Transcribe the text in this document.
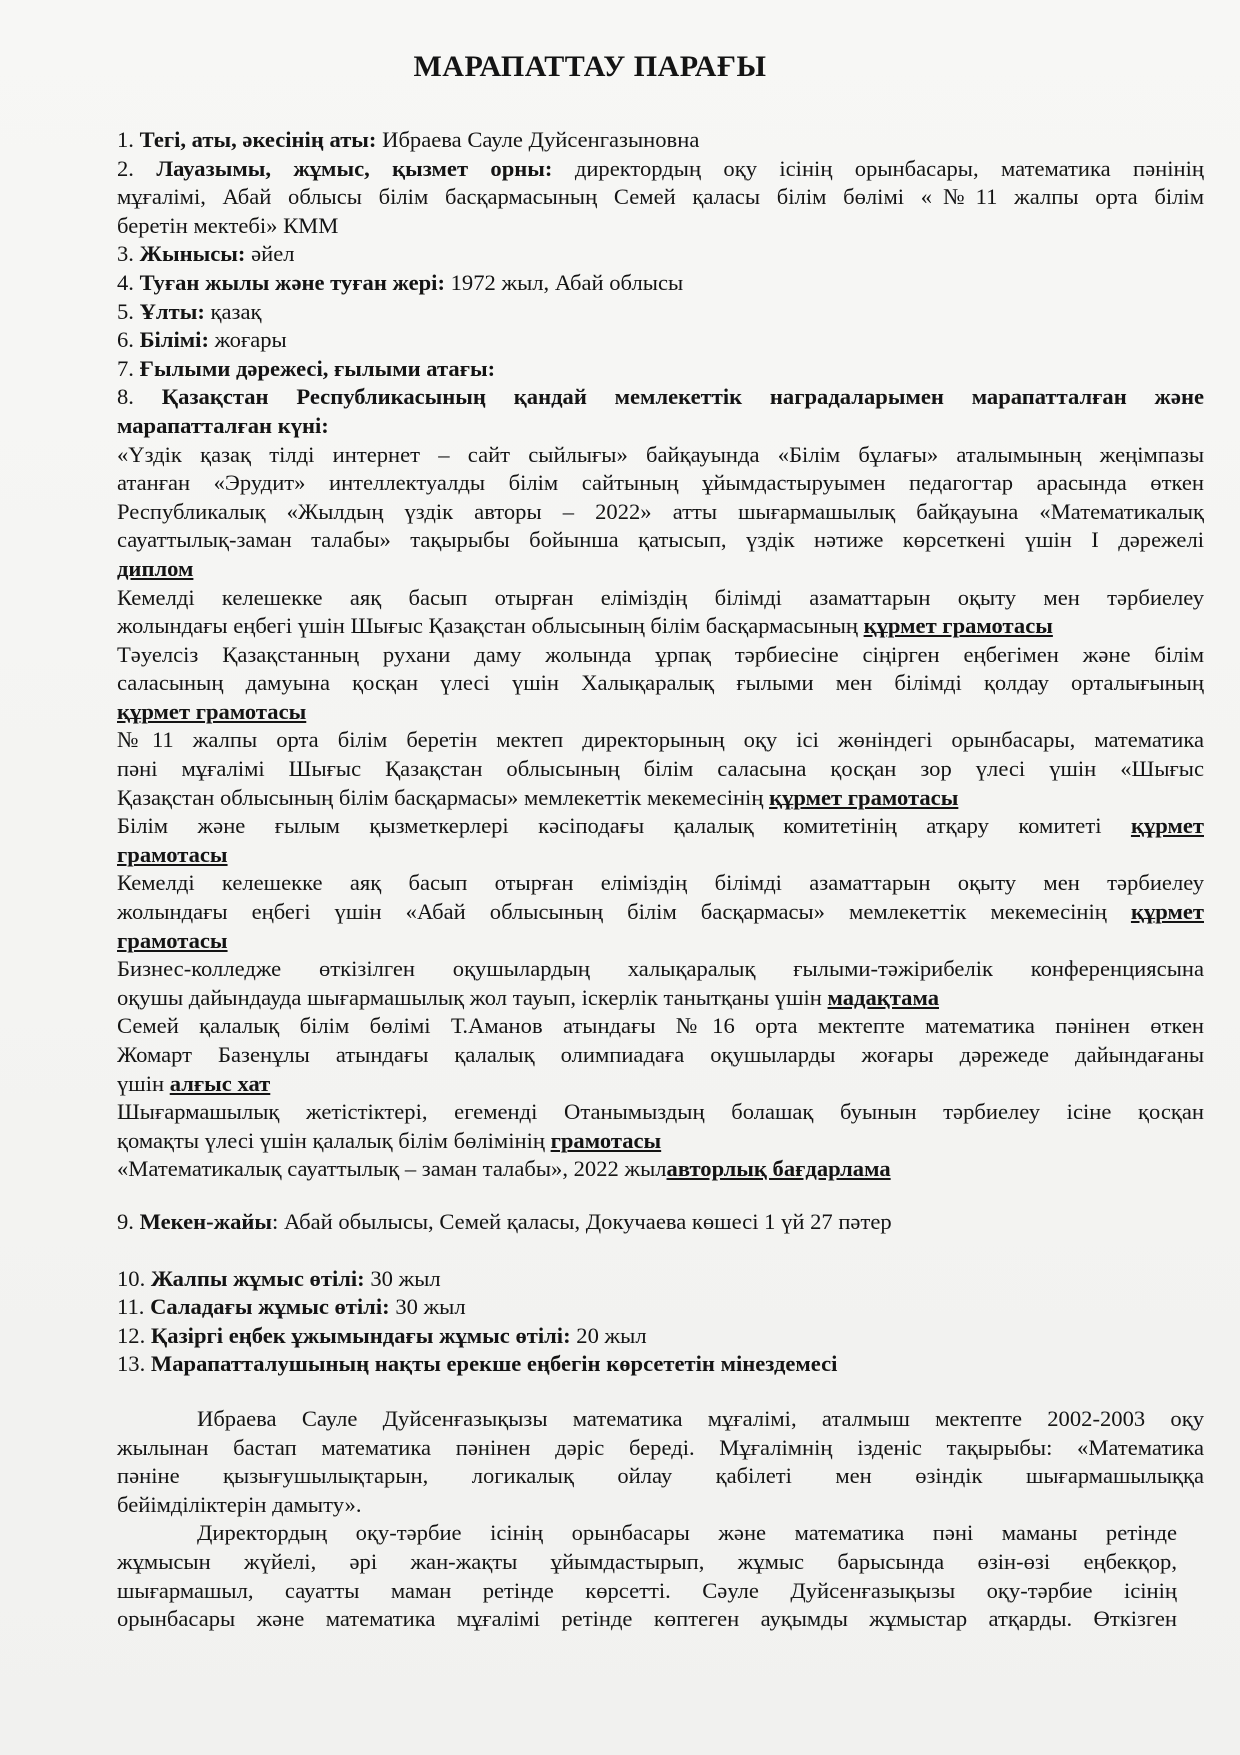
МАРАПАТТАУ ПАРАҒЫ

1. Тегі, аты, әкесінің аты: Ибраева Сауле Дуйсенгазыновна

2. Лауазымы, жұмыс, қызмет орны: директордың оқу ісінің орынбасары, математика пәнінің

мұғалімі, Абай облысы білім басқармасының Семей қаласы білім бөлімі «№11 жалпы орта білім

беретін мектебі» КММ

3. Жынысы: әйел

4. Туған жылы және туған жері: 1972 жыл, Абай облысы

5. Ұлты: қазақ

6. Білімі: жоғары

7. Ғылыми дәрежесі, ғылыми атағы:

8. Қазақстан Республикасының қандай мемлекеттік наградаларымен марапатталған және

марапатталған күні:

«Үздік қазақ тілді интернет – сайт сыйлығы» байқауында «Білім бұлағы» аталымының жеңімпазы

атанған «Эрудит» интеллектуалды білім сайтының ұйымдастыруымен педагогтар арасында өткен

Республикалық «Жылдың үздік авторы – 2022» атты шығармашылық байқауына «Математикалық

сауаттылық-заман талабы» тақырыбы бойынша қатысып, үздік нәтиже көрсеткені үшін І дәрежелі

диплом

Кемелді келешекке аяқ басып отырған еліміздің білімді азаматтарын оқыту мен тәрбиелеу

жолындағы еңбегі үшін Шығыс Қазақстан облысының білім басқармасының құрмет грамотасы

Тәуелсіз Қазақстанның рухани даму жолында ұрпақ тәрбиесіне сіңірген еңбегімен және білім

саласының дамуына қосқан үлесі үшін Халықаралық ғылыми мен білімді қолдау орталығының

құрмет грамотасы

№11 жалпы орта білім беретін мектеп директорының оқу ісі жөніндегі орынбасары, математика

пәні мұғалімі Шығыс Қазақстан облысының білім саласына қосқан зор үлесі үшін «Шығыс

Қазақстан облысының білім басқармасы» мемлекеттік мекемесінің құрмет грамотасы

Білім және ғылым қызметкерлері кәсіподағы қалалық комитетінің атқару комитеті құрмет

грамотасы

Кемелді келешекке аяқ басып отырған еліміздің білімді азаматтарын оқыту мен тәрбиелеу

жолындағы еңбегі үшін «Абай облысының білім басқармасы» мемлекеттік мекемесінің құрмет

грамотасы

Бизнес-колледже өткізілген оқушылардың халықаралық ғылыми-тәжірибелік конференциясына

оқушы дайындауда шығармашылық жол тауып, іскерлік танытқаны үшін мадақтама

Семей қалалық білім бөлімі Т.Аманов атындағы №16 орта мектепте математика пәнінен өткен

Жомарт Базенұлы атындағы қалалық олимпиадаға оқушыларды жоғары дәрежеде дайындағаны

үшін алғыс хат

Шығармашылық жетістіктері, егеменді Отанымыздың болашақ буынын тәрбиелеу ісіне қосқан

қомақты үлесі үшін қалалық білім бөлімінің грамотасы

«Математикалық сауаттылық – заман талабы», 2022 жылавторлық бағдарлама

9. Мекен-жайы: Абай обылысы, Семей қаласы, Докучаева көшесі 1 үй 27 пәтер

10. Жалпы жұмыс өтілі: 30 жыл

11. Саладағы жұмыс өтілі: 30 жыл

12. Қазіргі еңбек ұжымындағы жұмыс өтілі: 20 жыл

13. Марапатталушының нақты ерекше еңбегін көрсететін мінездемесі

Ибраева Сауле Дуйсенғазықызы математика мұғалімі, аталмыш мектепте 2002-2003 оқу

жылынан бастап математика пәнінен дәріс береді. Мұғалімнің ізденіс тақырыбы: «Математика

пәніне қызығушылықтарын, логикалық ойлау қабілеті мен өзіндік шығармашылыққа

бейімділіктерін дамыту».

Директордың оқу-тәрбие ісінің орынбасары және математика пәні маманы ретінде

жұмысын жүйелі, әрі жан-жақты ұйымдастырып, жұмыс барысында өзін-өзі еңбекқор,

шығармашыл, сауатты маман ретінде көрсетті. Сәуле Дуйсенғазықызы оқу-тәрбие ісінің

орынбасары және математика мұғалімі ретінде көптеген ауқымды жұмыстар атқарды. Өткізген
